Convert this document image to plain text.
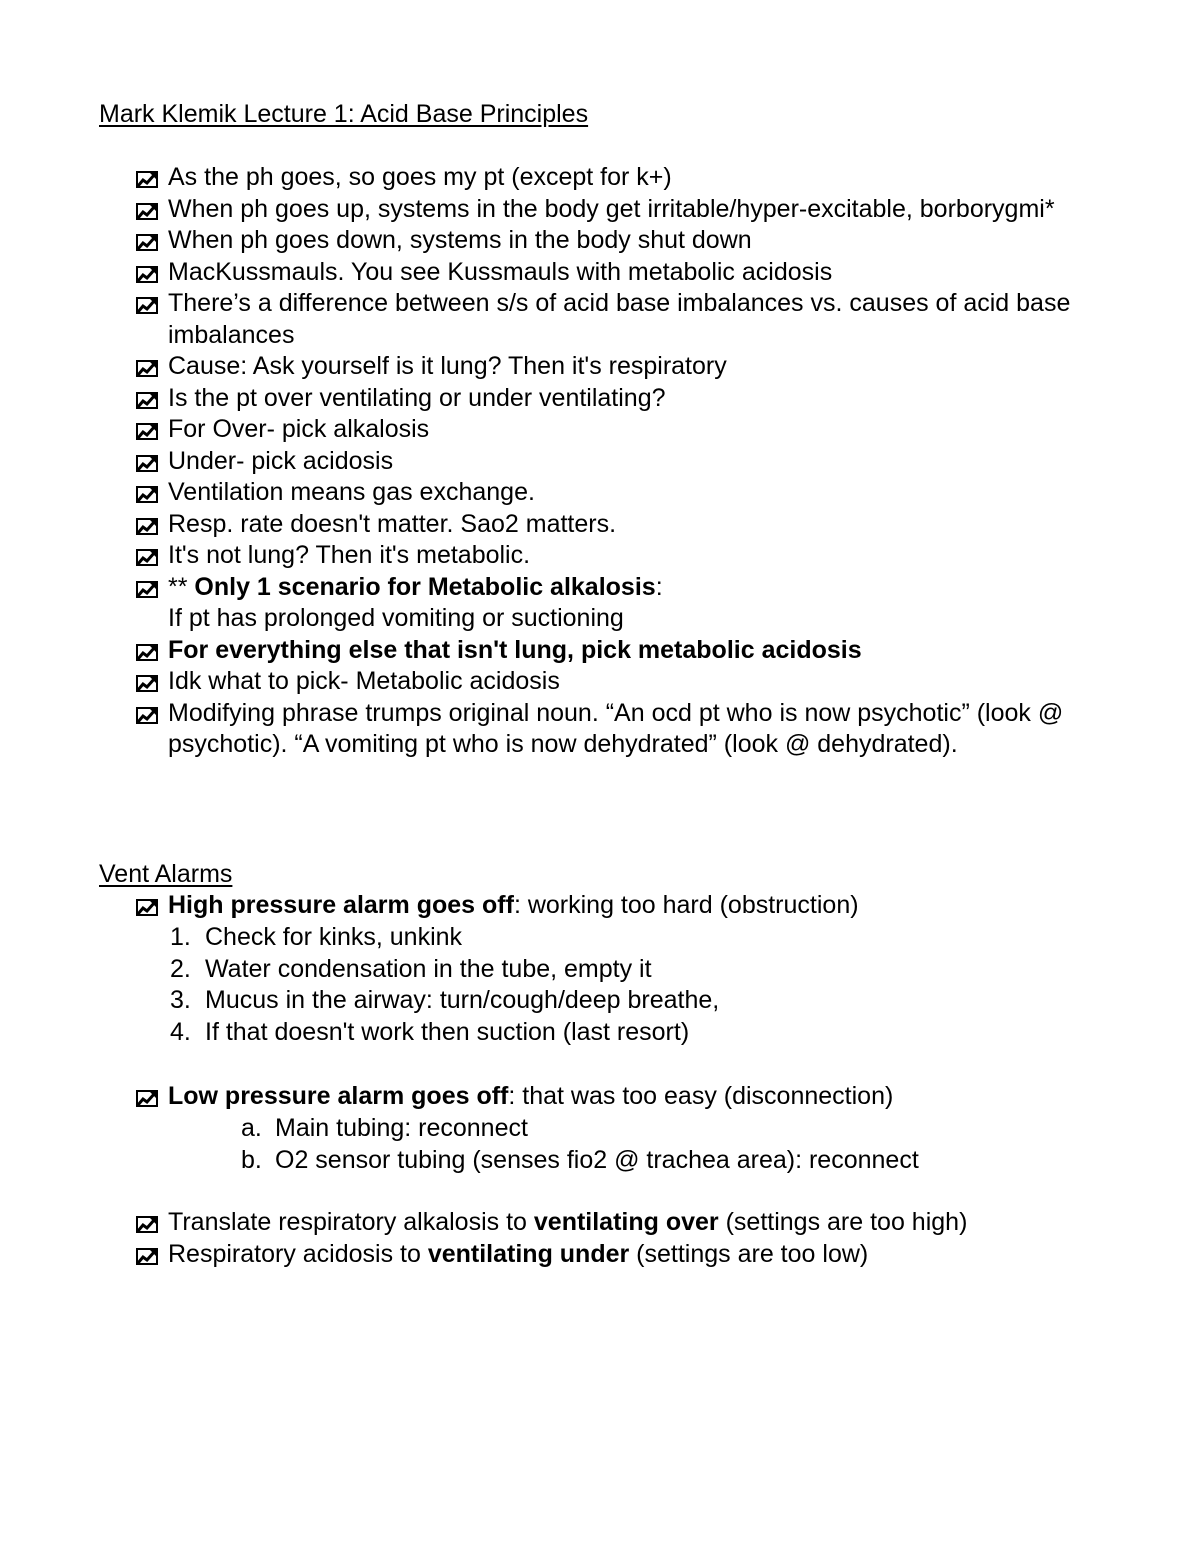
Mark Klemik Lecture 1: Acid Base Principles
As the ph goes, so goes my pt (except for k+)
When ph goes up, systems in the body get irritable/hyper-excitable, borborygmi*
When ph goes down, systems in the body shut down
MacKussmauls. You see Kussmauls with metabolic acidosis
There’s a difference between s/s of acid base imbalances vs. causes of acid base imbalances
Cause: Ask yourself is it lung? Then it's respiratory
Is the pt over ventilating or under ventilating?
For Over- pick alkalosis
Under- pick acidosis
Ventilation means gas exchange.
Resp. rate doesn't matter. Sao2 matters.
It's not lung? Then it's metabolic.
** Only 1 scenario for Metabolic alkalosis:
If pt has prolonged vomiting or suctioning
For everything else that isn't lung, pick metabolic acidosis
Idk what to pick- Metabolic acidosis
Modifying phrase trumps original noun. “An ocd pt who is now psychotic” (look @ psychotic). “A vomiting pt who is now dehydrated” (look @ dehydrated).
Vent Alarms
High pressure alarm goes off: working too hard (obstruction)
1. Check for kinks, unkink
2. Water condensation in the tube, empty it
3. Mucus in the airway: turn/cough/deep breathe,
4. If that doesn't work then suction (last resort)
Low pressure alarm goes off: that was too easy (disconnection)
a. Main tubing: reconnect
b. O2 sensor tubing (senses fio2 @ trachea area): reconnect
Translate respiratory alkalosis to ventilating over (settings are too high)
Respiratory acidosis to ventilating under (settings are too low)
